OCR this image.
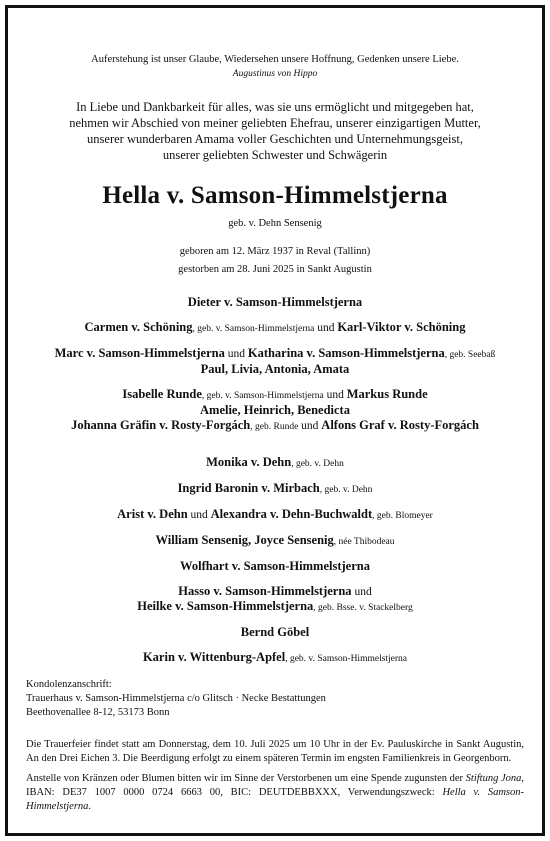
Auferstehung ist unser Glaube, Wiedersehen unsere Hoffnung, Gedenken unsere Liebe.
Augustinus von Hippo
In Liebe und Dankbarkeit für alles, was sie uns ermöglicht und mitgegeben hat,
nehmen wir Abschied von meiner geliebten Ehefrau, unserer einzigartigen Mutter,
unserer wunderbaren Amama voller Geschichten und Unternehmungsgeist,
unserer geliebten Schwester und Schwägerin
Hella v. Samson-Himmelstjerna
geb. v. Dehn Sensenig
geboren am 12. März 1937 in Reval (Tallinn)
gestorben am 28. Juni 2025 in Sankt Augustin
Dieter v. Samson-Himmelstjerna
Carmen v. Schöning, geb. v. Samson-Himmelstjerna und Karl-Viktor v. Schöning
Marc v. Samson-Himmelstjerna und Katharina v. Samson-Himmelstjerna, geb. Seebaß
Paul, Livia, Antonia, Amata
Isabelle Runde, geb. v. Samson-Himmelstjerna und Markus Runde
Amelie, Heinrich, Benedicta
Johanna Gräfin v. Rosty-Forgách, geb. Runde und Alfons Graf v. Rosty-Forgách
Monika v. Dehn, geb. v. Dehn
Ingrid Baronin v. Mirbach, geb. v. Dehn
Arist v. Dehn und Alexandra v. Dehn-Buchwaldt, geb. Blomeyer
William Sensenig, Joyce Sensenig, née Thibodeau
Wolfhart v. Samson-Himmelstjerna
Hasso v. Samson-Himmelstjerna und
Heilke v. Samson-Himmelstjerna, geb. Bsse. v. Stackelberg
Bernd Göbel
Karin v. Wittenburg-Apfel, geb. v. Samson-Himmelstjerna
Kondolenzanschrift:
Trauerhaus v. Samson-Himmelstjerna c/o Glitsch · Necke Bestattungen
Beethovenallee 8-12, 53173 Bonn
Die Trauerfeier findet statt am Donnerstag, dem 10. Juli 2025 um 10 Uhr in der Ev. Pauluskirche in Sankt Augustin, An den Drei Eichen 3. Die Beerdigung erfolgt zu einem späteren Termin im engsten Familienkreis in Georgenborn.
Anstelle von Kränzen oder Blumen bitten wir im Sinne der Verstorbenen um eine Spende zugunsten der Stiftung Jona, IBAN: DE37 1007 0000 0724 6663 00, BIC: DEUTDEBBXXX, Verwendungszweck: Hella v. Samson-Himmelstjerna.
